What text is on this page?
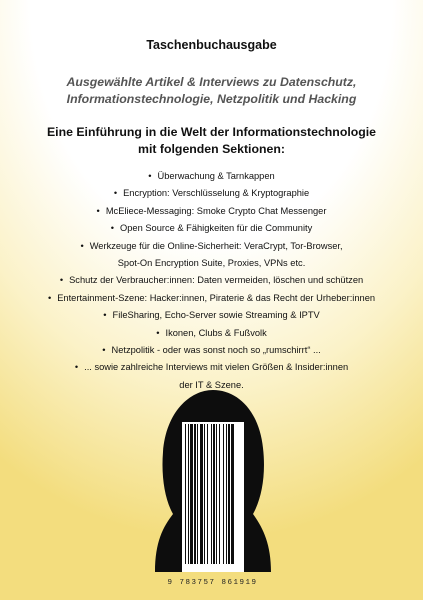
Taschenbuchausgabe
Ausgewählte Artikel & Interviews zu Datenschutz,
Informationstechnologie, Netzpolitik und Hacking
Eine Einführung in die Welt der Informationstechnologie
mit folgenden Sektionen:
• Überwachung & Tarnkappen
• Encryption: Verschlüsselung & Kryptographie
• McEliece-Messaging: Smoke Crypto Chat Messenger
• Open Source & Fähigkeiten für die Community
• Werkzeuge für die Online-Sicherheit: VeraCrypt, Tor-Browser,
Spot-On Encryption Suite, Proxies, VPNs etc.
• Schutz der Verbraucher:innen: Daten vermeiden, löschen und schützen
• Entertainment-Szene: Hacker:innen, Piraterie & das Recht der Urheber:innen
• FileSharing, Echo-Server sowie Streaming & IPTV
• Ikonen, Clubs & Fußvolk
• Netzpolitik - oder was sonst noch so „rumschirrt“ ...
• ... sowie zahlreiche Interviews mit vielen Größen & Insider:innen
der IT & Szene.
9 783757 861919
